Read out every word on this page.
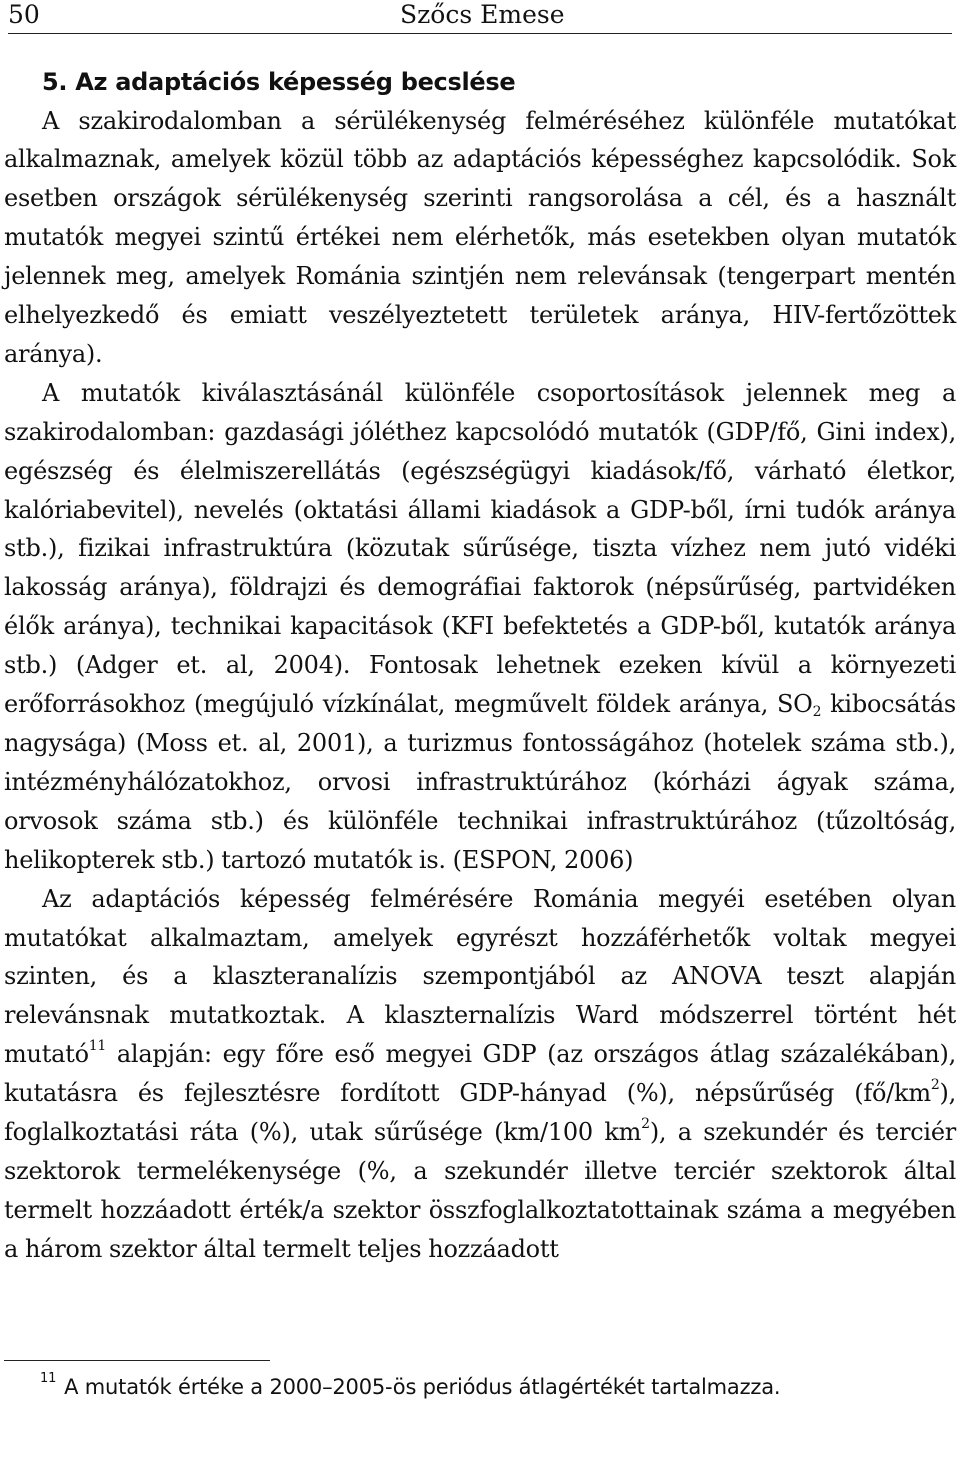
50	Szőcs Emese
5. Az adaptációs képesség becslése

A szakirodalomban a sérülékenység felméréséhez különféle mutatókat alkalmaznak, amelyek közül több az adaptációs képességhez kapcsolódik. Sok esetben országok sérülékenység szerinti rangsorolása a cél, és a használt mutatók megyei szintű értékei nem elérhetők, más esetekben olyan mutatók jelennek meg, amelyek Románia szintjén nem relevánsak (tengerpart mentén elhelyezkedő és emiatt veszélyeztetett területek aránya, HIV-fertőzöttek aránya).

A mutatók kiválasztásánál különféle csoportosítások jelennek meg a szakirodalomban: gazdasági jóléthez kapcsolódó mutatók (GDP/fő, Gini index), egészség és élelmiszerellátás (egészségügyi kiadások/fő, várható életkor, kalóriabevitel), nevelés (oktatási állami kiadások a GDP-ből, írni tudók aránya stb.), fizikai infrastruktúra (közutak sűrűsége, tiszta vízhez nem jutó vidéki lakosság aránya), földrajzi és demográfiai faktorok (népsűrűség, partvidéken élők aránya), technikai kapacitások (KFI befektetés a GDP-ből, kutatók aránya stb.) (Adger et. al, 2004). Fontosak lehetnek ezeken kívül a környezeti erőforrásokhoz (megújuló vízkínálat, megművelt földek aránya, $SO_2$ kibocsátás nagysága) (Moss et. al, 2001), a turizmus fontosságához (hotelek száma stb.), intézményhálózatokhoz, orvosi infrastruktúrához (kórházi ágyak száma, orvosok száma stb.) és különféle technikai infrastruktúrához (tűzoltóság, helikopterek stb.) tartozó mutatók is. (ESPON, 2006)

Az adaptációs képesség felmérésére Románia megyéi esetében olyan mutatókat alkalmaztam, amelyek egyrészt hozzáférhetők voltak megyei szinten, és a klaszteranalízis szempontjából az ANOVA teszt alapján relevánsnak mutatkoztak. A klaszternalízis Ward módszerrel történt hét mutató$^{11}$ alapján: egy főre eső megyei GDP (az országos átlag százalékában), kutatásra és fejlesztésre fordított GDP-hányad (%), népsűrűség $(fő/km^2)$, foglalkoztatási ráta (%), utak sűrűsége (km/100 $km^2$), a szekundér és terciér szektorok termelékenysége (%, a szekundér illetve terciér szektorok által termelt hozzáadott érték/a szektor összfoglalkoztatottainak száma a megyében a három szektor által termelt teljes hozzáadott

$^{11}$ A mutatók értéke a 2000–2005-ös periódus átlagértékét tartalmazza.
